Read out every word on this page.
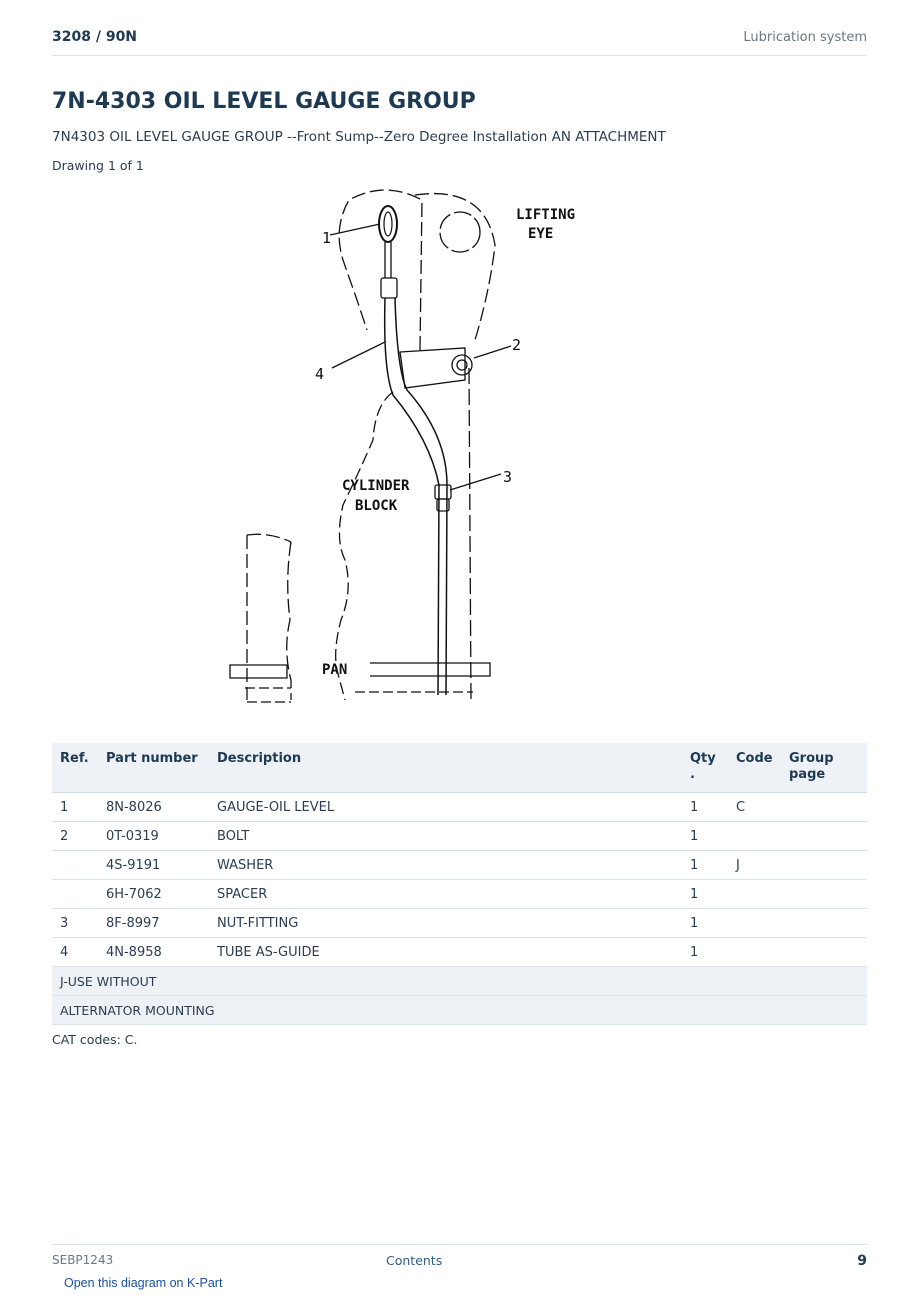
3208 / 90N	Lubrication system
7N-4303 OIL LEVEL GAUGE GROUP
7N4303 OIL LEVEL GAUGE GROUP --Front Sump--Zero Degree Installation AN ATTACHMENT
Drawing 1 of 1
LIFTING
EYE
CYLINDER
BLOCK
PAN
1
2
3
4
Ref.	Part number	Description	Qty .	Code	Group page
1	8N-8026	GAUGE-OIL LEVEL	1	C	
2	0T-0319	BOLT	1		
	4S-9191	WASHER	1	J	
	6H-7062	SPACER	1		
3	8F-8997	NUT-FITTING	1		
4	4N-8958	TUBE AS-GUIDE	1		
J-USE WITHOUT					
ALTERNATOR MOUNTING					
CAT codes: C.
SEBP1243	Contents	9
Open this diagram on K-Part
